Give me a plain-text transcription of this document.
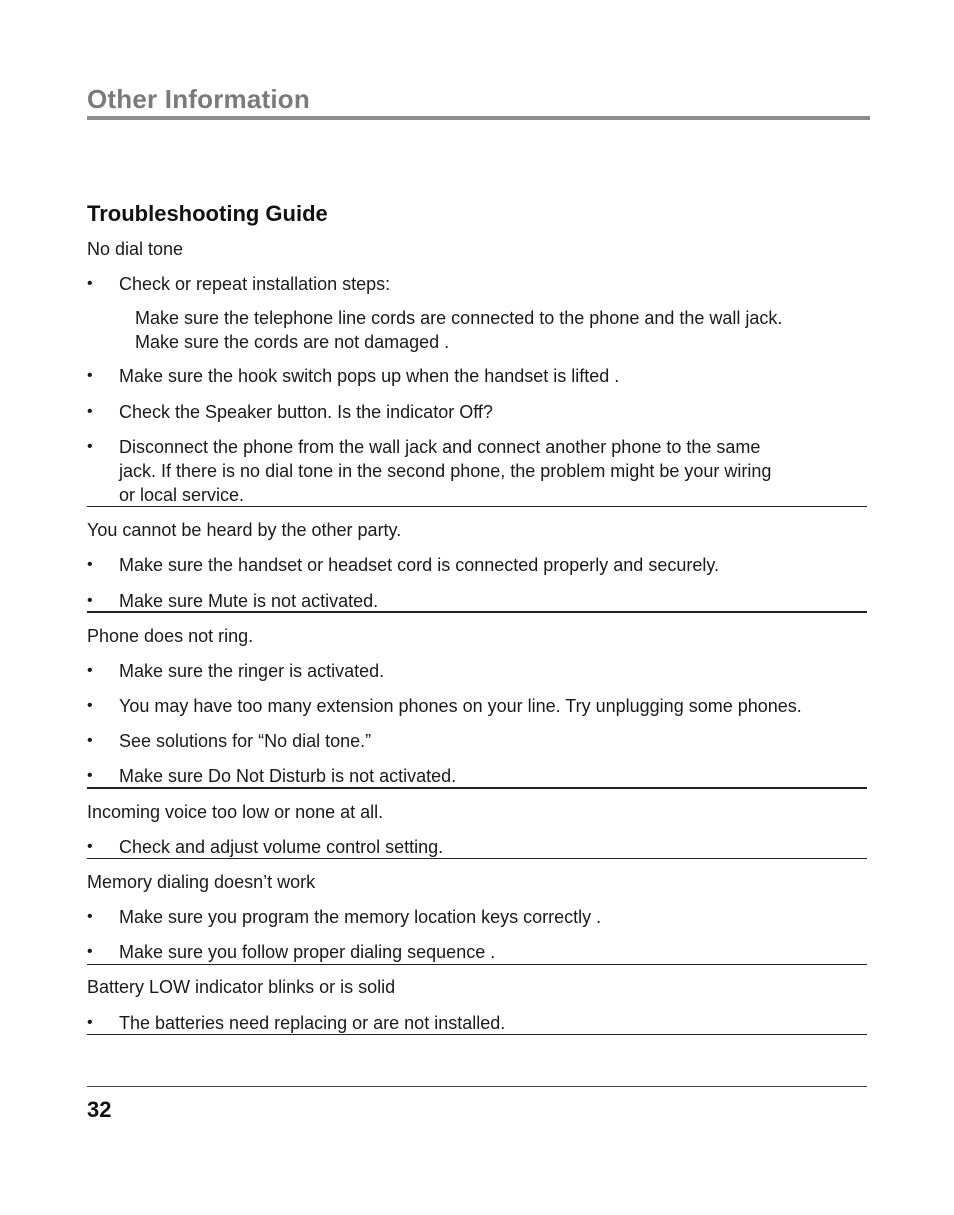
Other Information
Troubleshooting Guide
No dial tone
• Check or repeat installation steps:
Make sure the telephone line cords are connected to the phone and the wall jack.
Make sure the cords are not damaged .
• Make sure the hook switch pops up when the handset is lifted .
• Check the Speaker button. Is the indicator Off?
• Disconnect the phone from the wall jack and connect another phone to the same
jack. If there is no dial tone in the second phone, the problem might be your wiring
or local service.
You cannot be heard by the other party.
• Make sure the handset or headset cord is connected properly and securely.
• Make sure Mute is not activated.
Phone does not ring.
• Make sure the ringer is activated.
• You may have too many extension phones on your line. Try unplugging some phones.
• See solutions for “No dial tone.”
• Make sure Do Not Disturb is not activated.
Incoming voice too low or none at all.
• Check and adjust volume control setting.
Memory dialing doesn’t work
• Make sure you program the memory location keys correctly .
• Make sure you follow proper dialing sequence .
Battery LOW indicator blinks or is solid
• The batteries need replacing or are not installed.
32
